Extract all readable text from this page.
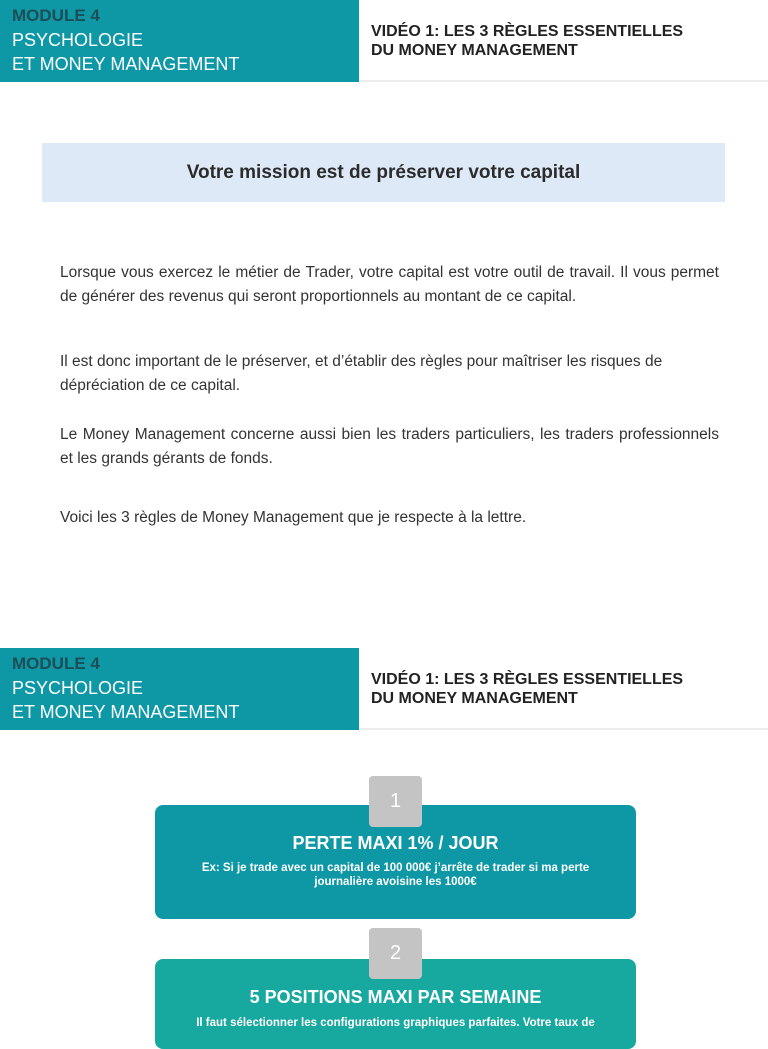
MODULE 4
PSYCHOLOGIE
ET MONEY MANAGEMENT
VIDÉO 1: LES 3 RÈGLES ESSENTIELLES
DU MONEY MANAGEMENT
Votre mission est de préserver votre capital

Lorsque vous exercez le métier de Trader, votre capital est votre outil de travail. Il vous permet de générer des revenus qui seront proportionnels au montant de ce capital.

Il est donc important de le préserver, et d’établir des règles pour maîtriser les risques de dépréciation de ce capital.

Le Money Management concerne aussi bien les traders particuliers, les traders professionnels et les grands gérants de fonds.

Voici les 3 règles de Money Management que je respecte à la lettre.

MODULE 4
PSYCHOLOGIE
ET MONEY MANAGEMENT
VIDÉO 1: LES 3 RÈGLES ESSENTIELLES
DU MONEY MANAGEMENT
PERTE MAXI 1% / JOUR
Ex: Si je trade avec un capital de 100 000€ j’arrête de trader si ma perte journalière avoisine les 1000€
1
5 POSITIONS MAXI PAR SEMAINE
Il faut sélectionner les configurations graphiques parfaites. Votre taux de
2
